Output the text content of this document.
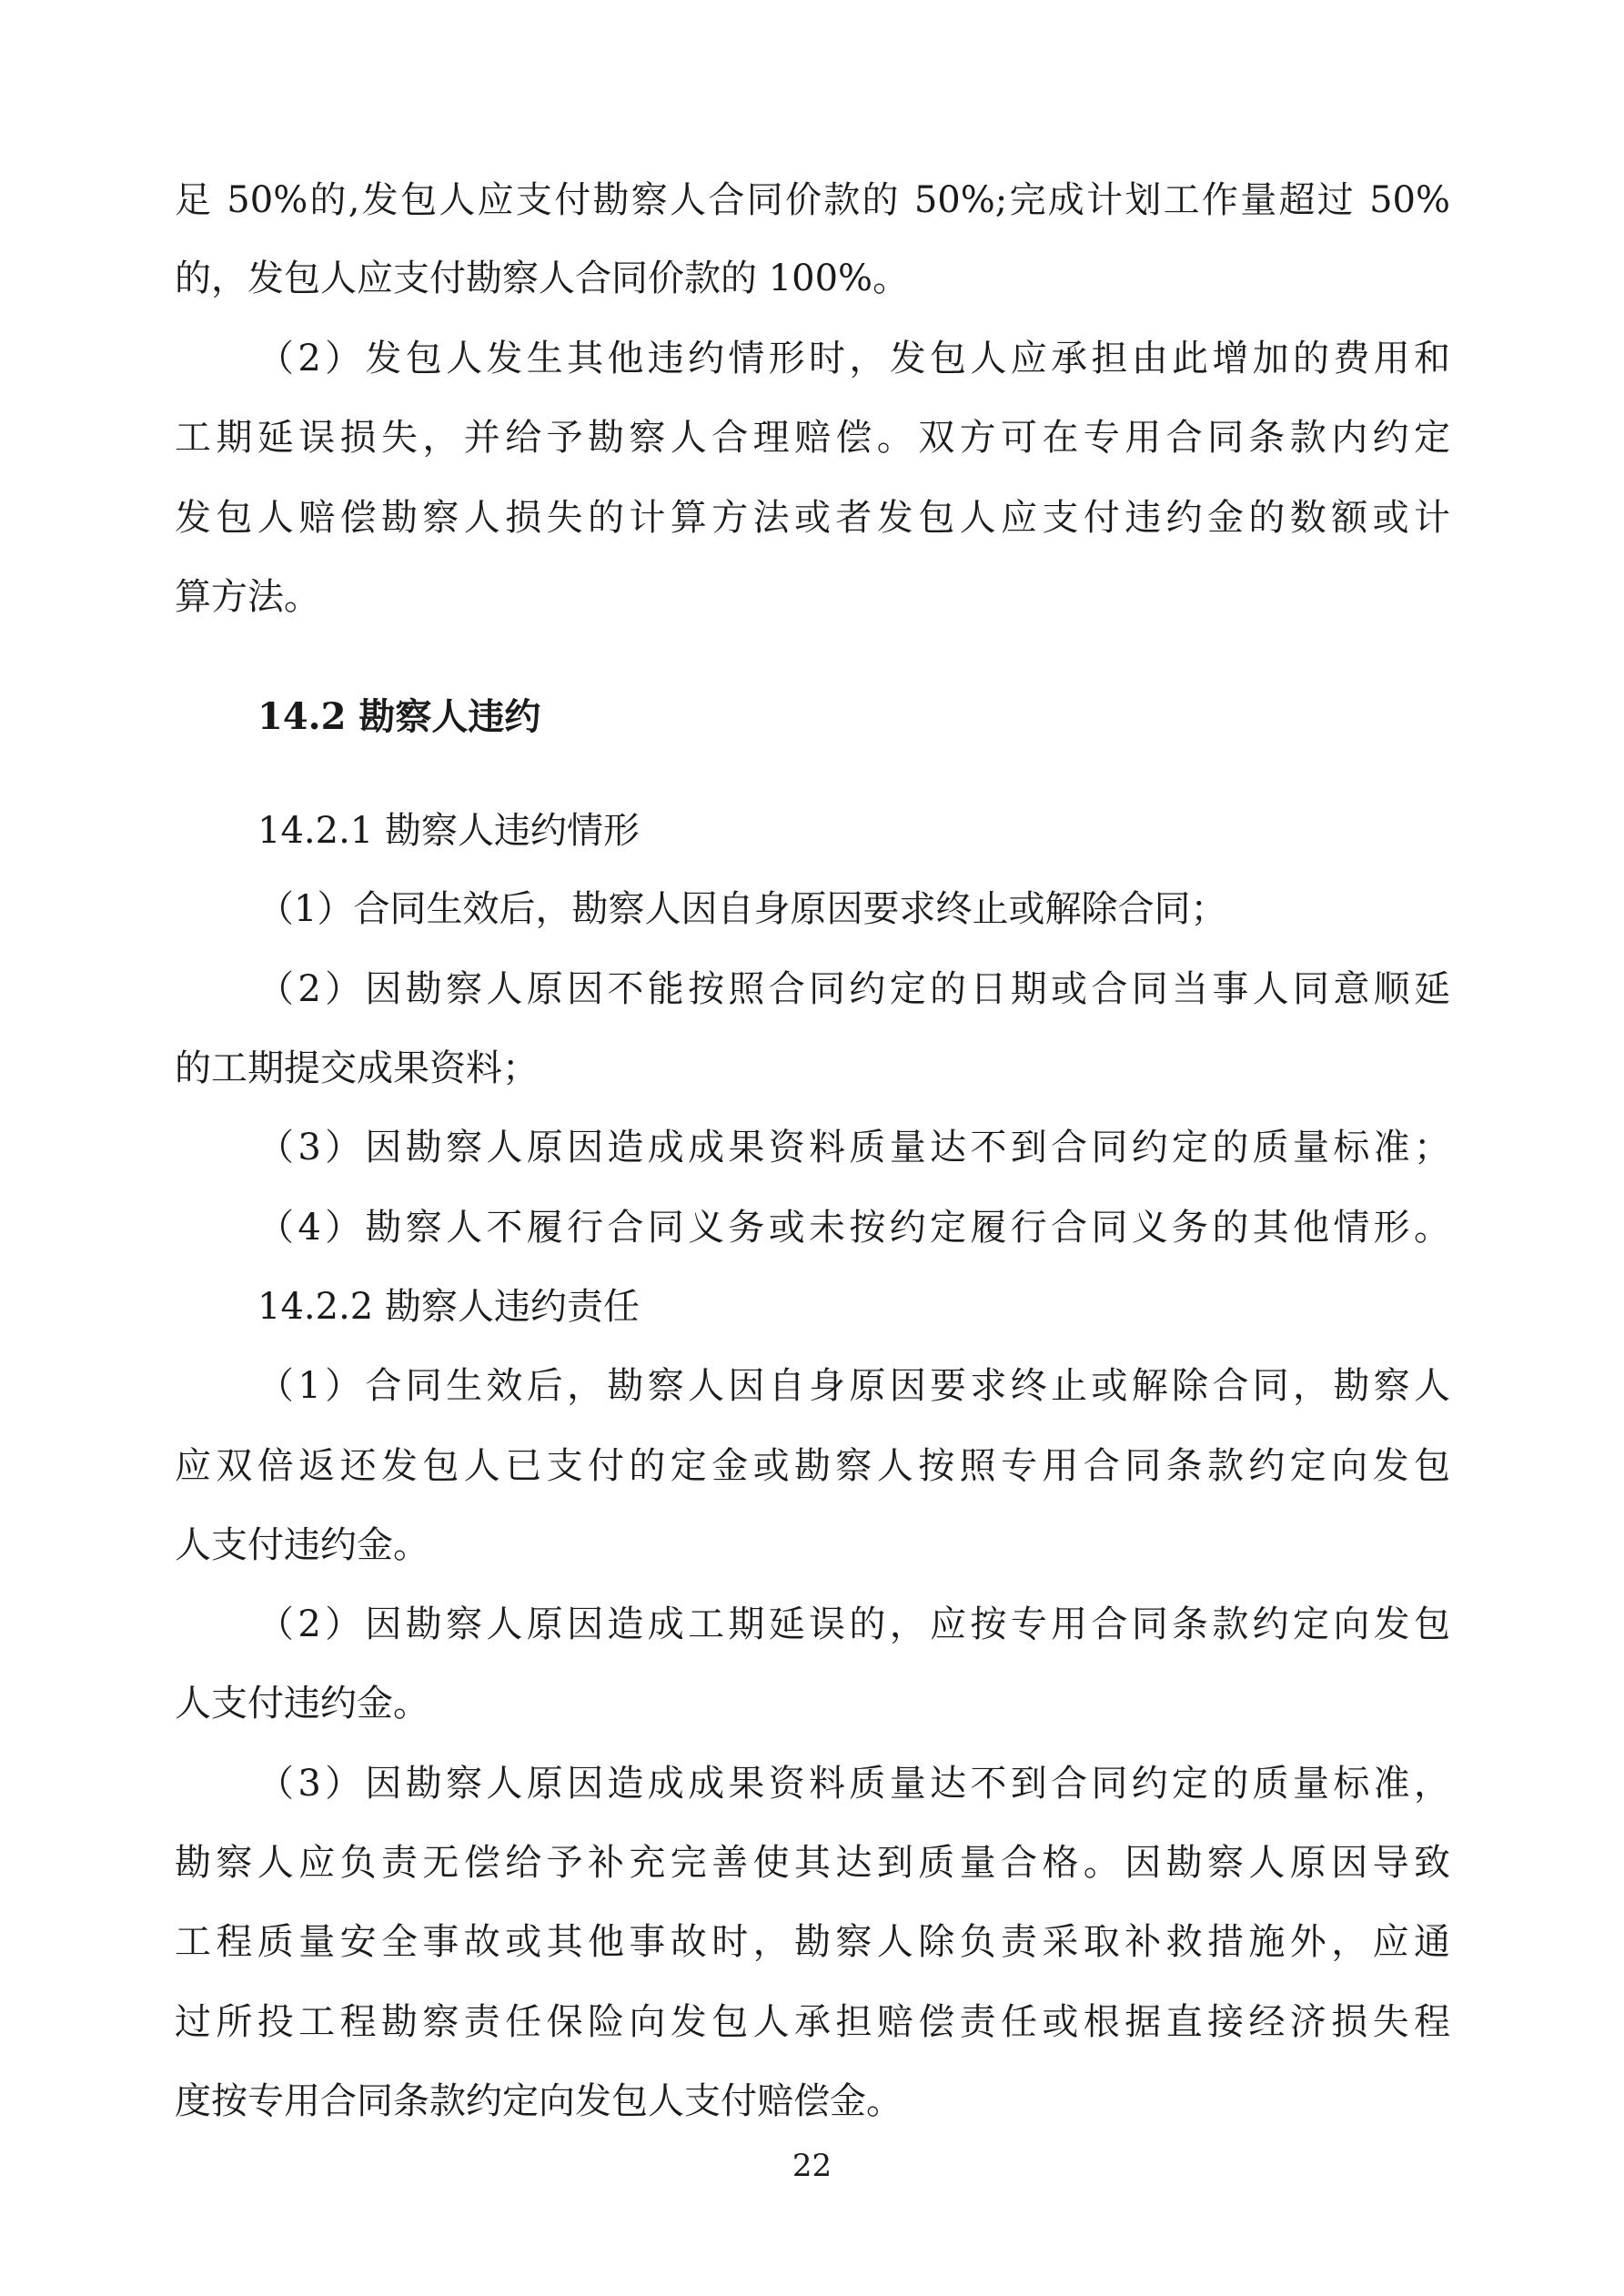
足 50%的,发包人应支付勘察人合同价款的 50%;完成计划工作量超过 50%

的，发包人应支付勘察人合同价款的 100%。

（2）发包人发生其他违约情形时，发包人应承担由此增加的费用和

工期延误损失，并给予勘察人合理赔偿。双方可在专用合同条款内约定

发包人赔偿勘察人损失的计算方法或者发包人应支付违约金的数额或计

算方法。

14.2 勘察人违约

14.2.1 勘察人违约情形

（1）合同生效后，勘察人因自身原因要求终止或解除合同；

（2）因勘察人原因不能按照合同约定的日期或合同当事人同意顺延

的工期提交成果资料；

（3）因勘察人原因造成成果资料质量达不到合同约定的质量标准；

（4）勘察人不履行合同义务或未按约定履行合同义务的其他情形。

14.2.2 勘察人违约责任

（1）合同生效后，勘察人因自身原因要求终止或解除合同，勘察人

应双倍返还发包人已支付的定金或勘察人按照专用合同条款约定向发包

人支付违约金。

（2）因勘察人原因造成工期延误的，应按专用合同条款约定向发包

人支付违约金。

（3）因勘察人原因造成成果资料质量达不到合同约定的质量标准，

勘察人应负责无偿给予补充完善使其达到质量合格。因勘察人原因导致

工程质量安全事故或其他事故时，勘察人除负责采取补救措施外，应通

过所投工程勘察责任保险向发包人承担赔偿责任或根据直接经济损失程

度按专用合同条款约定向发包人支付赔偿金。

22
